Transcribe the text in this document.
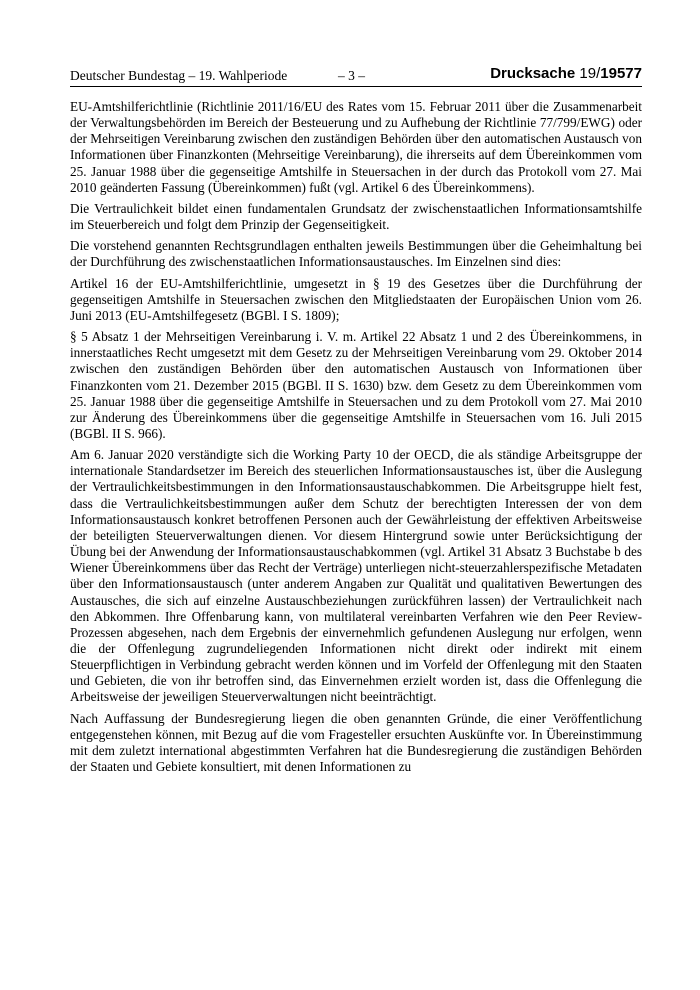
Deutscher Bundestag – 19. Wahlperiode	– 3 –	Drucksache 19/19577

EU-Amtshilferichtlinie (Richtlinie 2011/16/EU des Rates vom 15. Februar 2011 über die Zusammenarbeit der Verwaltungsbehörden im Bereich der Besteuerung und zu Aufhebung der Richtlinie 77/799/EWG) oder der Mehrseitigen Vereinbarung zwischen den zuständigen Behörden über den automatischen Austausch von Informationen über Finanzkonten (Mehrseitige Vereinbarung), die ihrerseits auf dem Übereinkommen vom 25. Januar 1988 über die gegenseitige Amtshilfe in Steuersachen in der durch das Protokoll vom 27. Mai 2010 geänderten Fassung (Übereinkommen) fußt (vgl. Artikel 6 des Übereinkommens).

Die Vertraulichkeit bildet einen fundamentalen Grundsatz der zwischenstaatlichen Informationsamtshilfe im Steuerbereich und folgt dem Prinzip der Gegenseitigkeit.

Die vorstehend genannten Rechtsgrundlagen enthalten jeweils Bestimmungen über die Geheimhaltung bei der Durchführung des zwischenstaatlichen Informationsaustausches. Im Einzelnen sind dies:

Artikel 16 der EU-Amtshilferichtlinie, umgesetzt in § 19 des Gesetzes über die Durchführung der gegenseitigen Amtshilfe in Steuersachen zwischen den Mitgliedstaaten der Europäischen Union vom 26. Juni 2013 (EU-Amtshilfegesetz (BGBl. I S. 1809);

§ 5 Absatz 1 der Mehrseitigen Vereinbarung i. V. m. Artikel 22 Absatz 1 und 2 des Übereinkommens, in innerstaatliches Recht umgesetzt mit dem Gesetz zu der Mehrseitigen Vereinbarung vom 29. Oktober 2014 zwischen den zuständigen Behörden über den automatischen Austausch von Informationen über Finanzkonten vom 21. Dezember 2015 (BGBl. II S. 1630) bzw. dem Gesetz zu dem Übereinkommen vom 25. Januar 1988 über die gegenseitige Amtshilfe in Steuersachen und zu dem Protokoll vom 27. Mai 2010 zur Änderung des Übereinkommens über die gegenseitige Amtshilfe in Steuersachen vom 16. Juli 2015 (BGBl. II S. 966).

Am 6. Januar 2020 verständigte sich die Working Party 10 der OECD, die als ständige Arbeitsgruppe der internationale Standardsetzer im Bereich des steuerlichen Informationsaustausches ist, über die Auslegung der Vertraulichkeitsbestimmungen in den Informationsaustauschabkommen. Die Arbeitsgruppe hielt fest, dass die Vertraulichkeitsbestimmungen außer dem Schutz der berechtigten Interessen der von dem Informationsaustausch konkret betroffenen Personen auch der Gewährleistung der effektiven Arbeitsweise der beteiligten Steuerverwaltungen dienen. Vor diesem Hintergrund sowie unter Berücksichtigung der Übung bei der Anwendung der Informationsaustauschabkommen (vgl. Artikel 31 Absatz 3 Buchstabe b des Wiener Übereinkommens über das Recht der Verträge) unterliegen nicht-steuerzahlerspezifische Metadaten über den Informationsaustausch (unter anderem Angaben zur Qualität und qualitativen Bewertungen des Austausches, die sich auf einzelne Austauschbeziehungen zurückführen lassen) der Vertraulichkeit nach den Abkommen. Ihre Offenbarung kann, von multilateral vereinbarten Verfahren wie den Peer Review-Prozessen abgesehen, nach dem Ergebnis der einvernehmlich gefundenen Auslegung nur erfolgen, wenn die der Offenlegung zugrundeliegenden Informationen nicht direkt oder indirekt mit einem Steuerpflichtigen in Verbindung gebracht werden können und im Vorfeld der Offenlegung mit den Staaten und Gebieten, die von ihr betroffen sind, das Einvernehmen erzielt worden ist, dass die Offenlegung die Arbeitsweise der jeweiligen Steuerverwaltungen nicht beeinträchtigt.

Nach Auffassung der Bundesregierung liegen die oben genannten Gründe, die einer Veröffentlichung entgegenstehen können, mit Bezug auf die vom Fragesteller ersuchten Auskünfte vor. In Übereinstimmung mit dem zuletzt international abgestimmten Verfahren hat die Bundesregierung die zuständigen Behörden der Staaten und Gebiete konsultiert, mit denen Informationen zu
